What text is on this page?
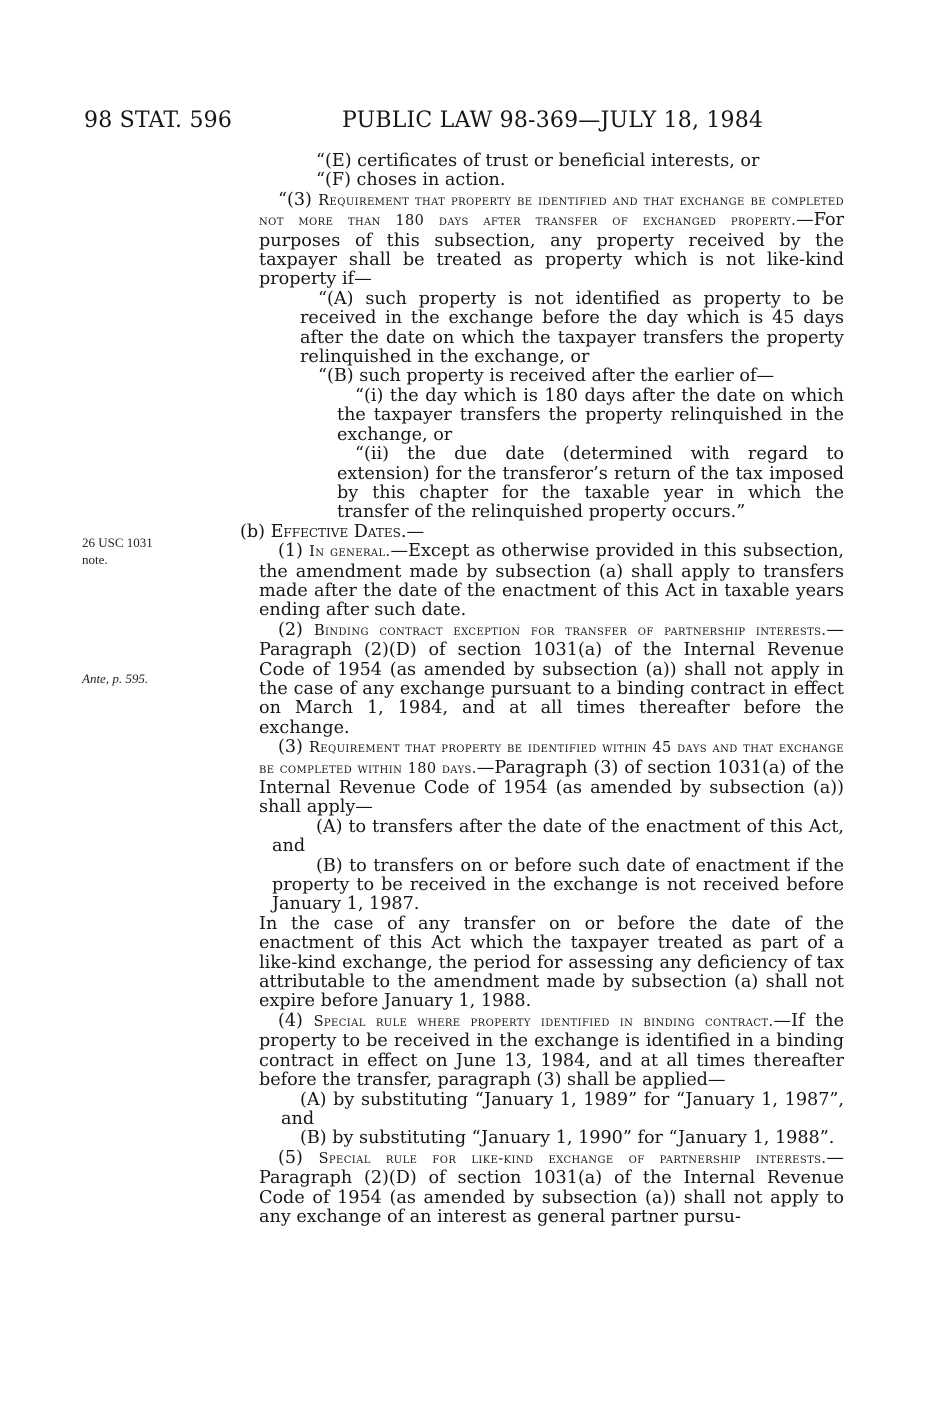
98 STAT. 596	PUBLIC LAW 98-369—JULY 18, 1984
26 USC 1031
note.
Ante, p. 595.

“(E) certificates of trust or beneficial interests, or

“(F) choses in action.

“(3) Requirement that property be identified and that exchange be completed not more than 180 days after transfer of exchanged property.—For purposes of this subsection, any property received by the taxpayer shall be treated as property which is not like-kind property if—

“(A) such property is not identified as property to be received in the exchange before the day which is 45 days after the date on which the taxpayer transfers the property relinquished in the exchange, or

“(B) such property is received after the earlier of—

“(i) the day which is 180 days after the date on which the taxpayer transfers the property relinquished in the exchange, or

“(ii) the due date (determined with regard to extension) for the transferor’s return of the tax imposed by this chapter for the taxable year in which the transfer of the relinquished property occurs.”

(b) Effective Dates.—

(1) In general.—Except as otherwise provided in this subsection, the amendment made by subsection (a) shall apply to transfers made after the date of the enactment of this Act in taxable years ending after such date.

(2) Binding contract exception for transfer of partnership interests.—Paragraph (2)(D) of section 1031(a) of the Internal Revenue Code of 1954 (as amended by subsection (a)) shall not apply in the case of any exchange pursuant to a binding contract in effect on March 1, 1984, and at all times thereafter before the exchange.

(3) Requirement that property be identified within 45 days and that exchange be completed within 180 days.—Paragraph (3) of section 1031(a) of the Internal Revenue Code of 1954 (as amended by subsection (a)) shall apply—

(A) to transfers after the date of the enactment of this Act, and

(B) to transfers on or before such date of enactment if the property to be received in the exchange is not received before January 1, 1987.

In the case of any transfer on or before the date of the enactment of this Act which the taxpayer treated as part of a like-kind exchange, the period for assessing any deficiency of tax attributable to the amendment made by subsection (a) shall not expire before January 1, 1988.

(4) Special rule where property identified in binding contract.—If the property to be received in the exchange is identified in a binding contract in effect on June 13, 1984, and at all times thereafter before the transfer, paragraph (3) shall be applied—

(A) by substituting “January 1, 1989” for “January 1, 1987”, and

(B) by substituting “January 1, 1990” for “January 1, 1988”.

(5) Special rule for like-kind exchange of partnership interests.—Paragraph (2)(D) of section 1031(a) of the Internal Revenue Code of 1954 (as amended by subsection (a)) shall not apply to any exchange of an interest as general partner pursu-
